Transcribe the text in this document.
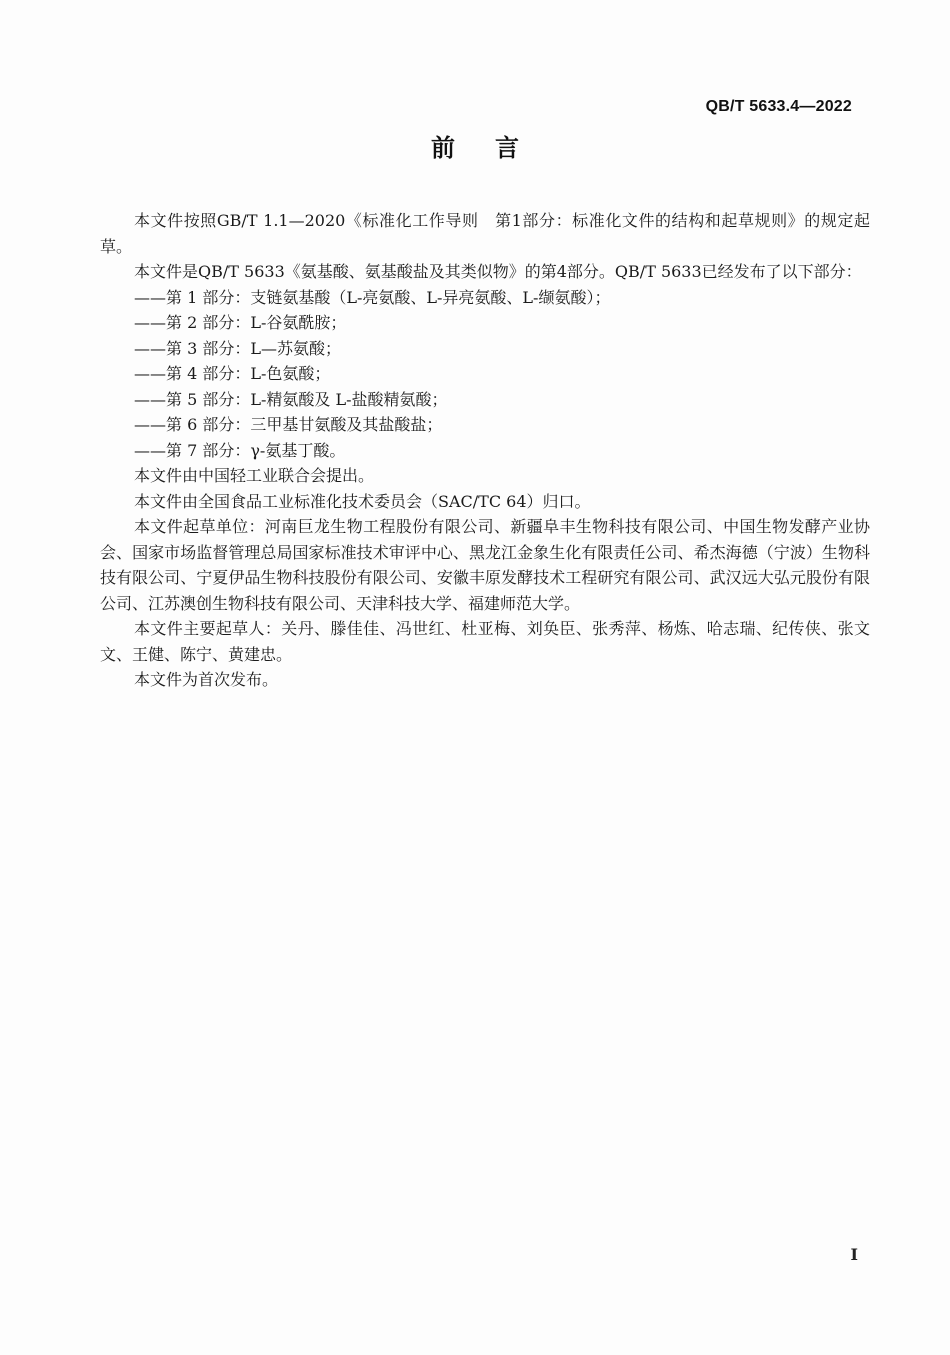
QB/T 5633.4—2022
前言

本文件按照GB/T 1.1—2020《标准化工作导则　第1部分：标准化文件的结构和起草规则》的规定起草。

本文件是QB/T 5633《氨基酸、氨基酸盐及其类似物》的第4部分。QB/T 5633已经发布了以下部分：

——第 1 部分：支链氨基酸（L-亮氨酸、L-异亮氨酸、L-缬氨酸）；

——第 2 部分：L-谷氨酰胺；

——第 3 部分：L—苏氨酸；

——第 4 部分：L-色氨酸；

——第 5 部分：L-精氨酸及 L-盐酸精氨酸；

——第 6 部分：三甲基甘氨酸及其盐酸盐；

——第 7 部分：γ-氨基丁酸。

本文件由中国轻工业联合会提出。

本文件由全国食品工业标准化技术委员会（SAC/TC 64）归口。

本文件起草单位：河南巨龙生物工程股份有限公司、新疆阜丰生物科技有限公司、中国生物发酵产业协会、国家市场监督管理总局国家标准技术审评中心、黑龙江金象生化有限责任公司、希杰海德（宁波）生物科技有限公司、宁夏伊品生物科技股份有限公司、安徽丰原发酵技术工程研究有限公司、武汉远大弘元股份有限公司、江苏澳创生物科技有限公司、天津科技大学、福建师范大学。

本文件主要起草人：关丹、滕佳佳、冯世红、杜亚梅、刘奂臣、张秀萍、杨炼、哈志瑞、纪传侠、张文文、王健、陈宁、黄建忠。

本文件为首次发布。

I
